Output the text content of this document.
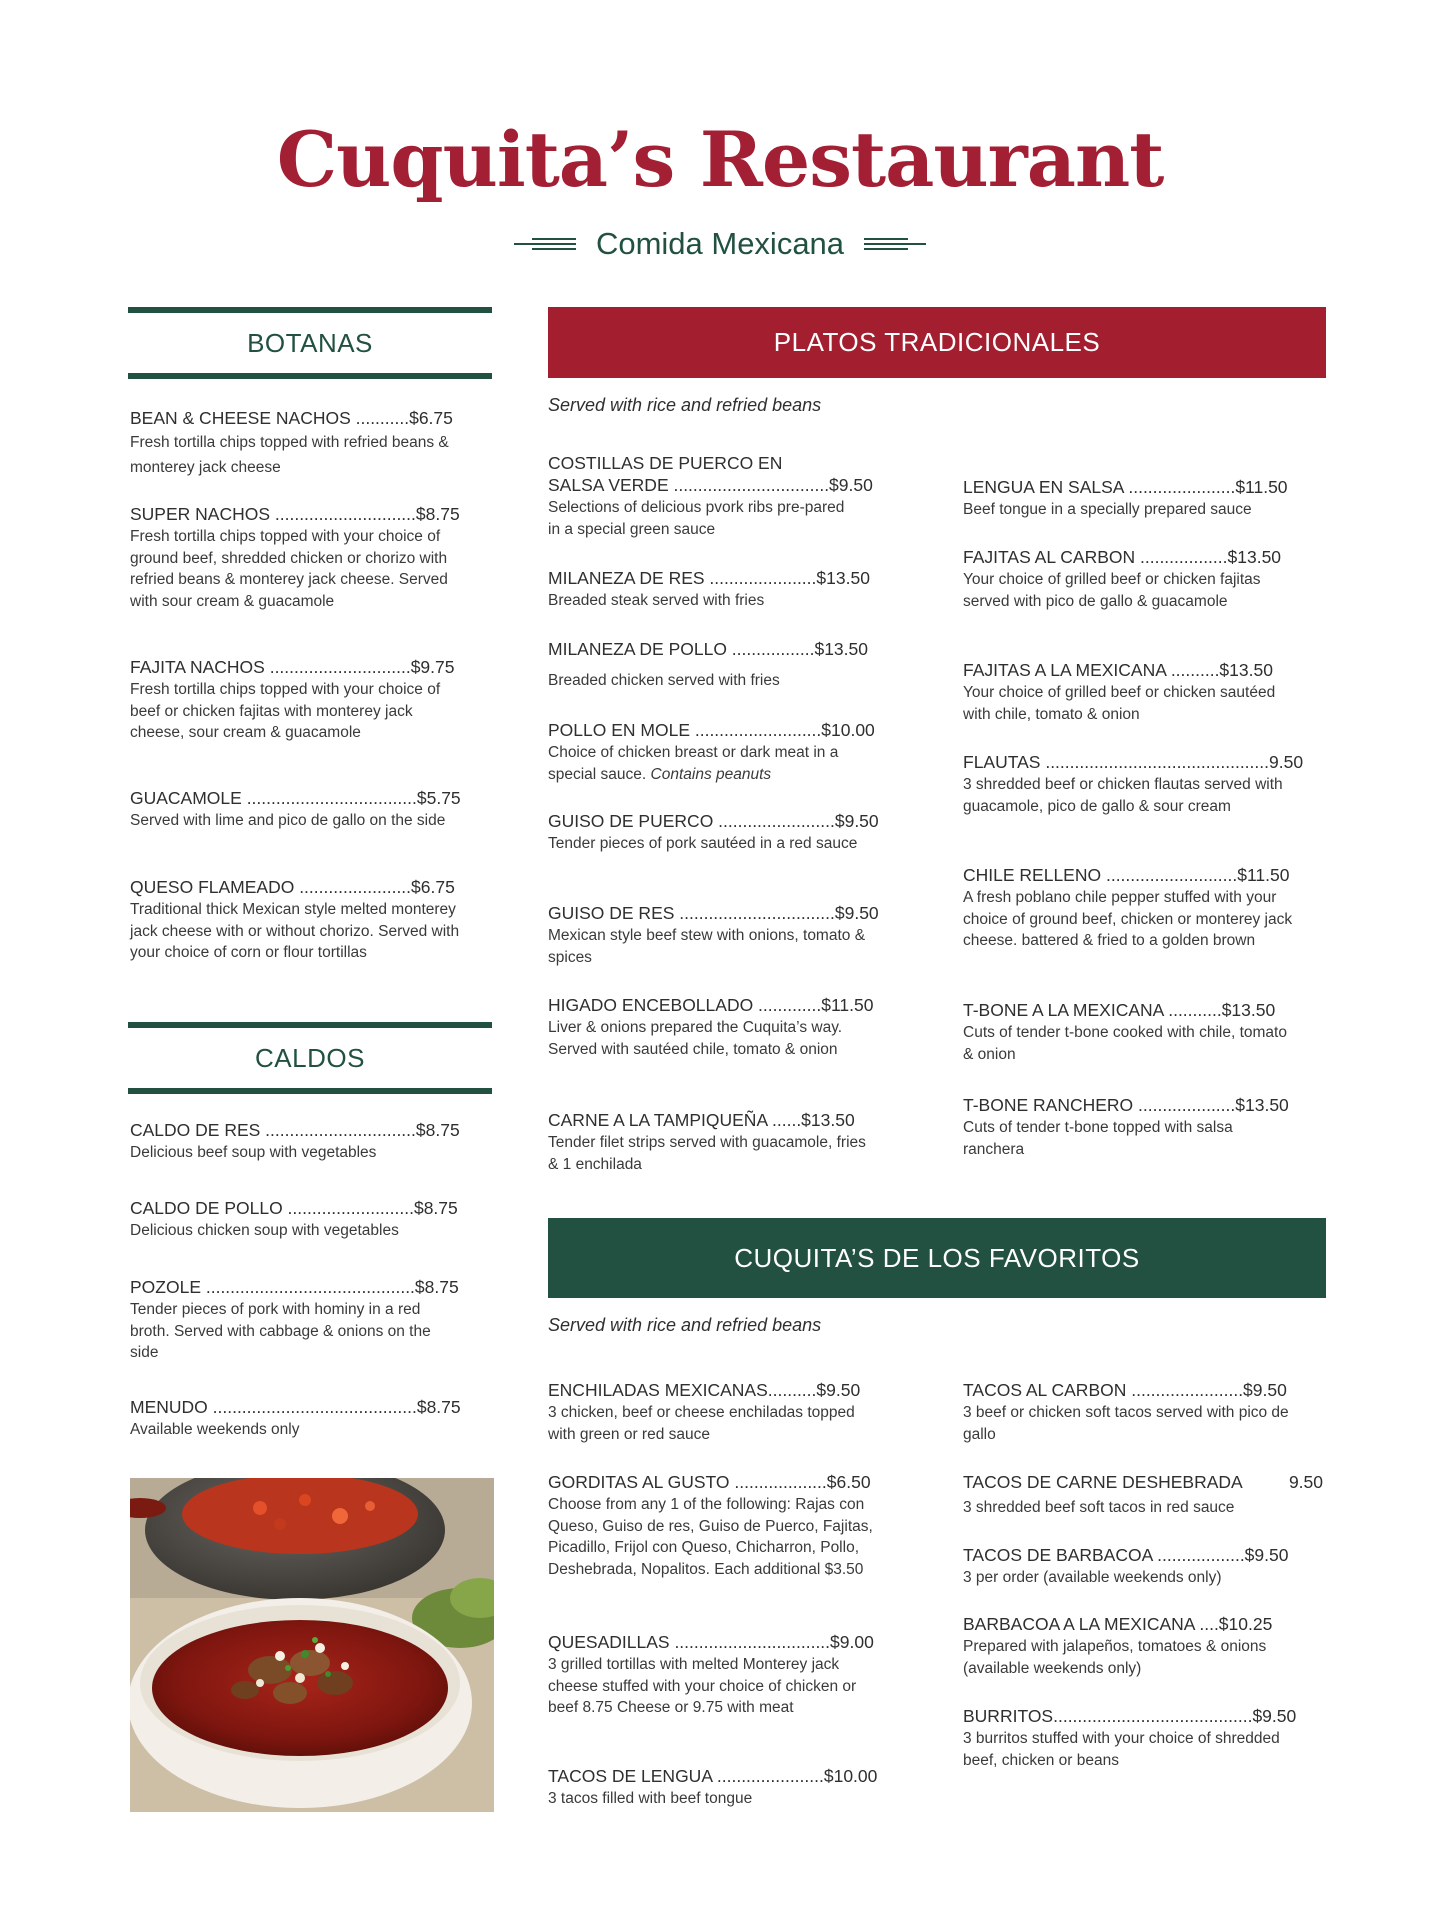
Cuquita’s Restaurant
Comida Mexicana
BOTANAS
BEAN & CHEESE NACHOS ...........$6.75
Fresh tortilla chips topped with refried beans & monterey jack cheese
SUPER NACHOS .............................$8.75
Fresh tortilla chips topped with your choice of ground beef, shredded chicken or chorizo with refried beans & monterey jack cheese. Served with sour cream & guacamole
FAJITA NACHOS .............................$9.75
Fresh tortilla chips topped with your choice of beef or chicken fajitas with monterey jack cheese, sour cream & guacamole
GUACAMOLE ...................................$5.75
Served with lime and pico de gallo on the side
QUESO FLAMEADO .......................$6.75
Traditional thick Mexican style melted monterey jack cheese with or without chorizo. Served with your choice of corn or flour tortillas
CALDOS
CALDO DE RES ...............................$8.75
Delicious beef soup with vegetables
CALDO DE POLLO ..........................$8.75
Delicious chicken soup with vegetables
POZOLE ...........................................$8.75
Tender pieces of pork with hominy in a red broth. Served with cabbage & onions on the side
MENUDO ..........................................$8.75
Available weekends only
PLATOS TRADICIONALES
Served with rice and refried beans
COSTILLAS DE PUERCO EN
SALSA VERDE ................................$9.50
Selections of delicious pvork ribs pre-pared in a special green sauce
MILANEZA DE RES ......................$13.50
Breaded steak served with fries
MILANEZA DE POLLO .................$13.50
Breaded chicken served with fries
POLLO EN MOLE ..........................$10.00
Choice of chicken breast or dark meat in a special sauce. Contains peanuts
GUISO DE PUERCO ........................$9.50
Tender pieces of pork sautéed in a red sauce
GUISO DE RES ................................$9.50
Mexican style beef stew with onions, tomato & spices
HIGADO ENCEBOLLADO .............$11.50
Liver & onions prepared the Cuquita’s way. Served with sautéed chile, tomato & onion
CARNE A LA TAMPIQUEÑA ......$13.50
Tender filet strips served with guacamole, fries & 1 enchilada
LENGUA EN SALSA ......................$11.50
Beef tongue in a specially prepared sauce
FAJITAS AL CARBON ..................$13.50
Your choice of grilled beef or chicken fajitas served with pico de gallo & guacamole
FAJITAS A LA MEXICANA ..........$13.50
Your choice of grilled beef or chicken sautéed with chile, tomato & onion
FLAUTAS ..............................................9.50
3 shredded beef or chicken flautas served with guacamole, pico de gallo & sour cream
CHILE RELLENO ...........................$11.50
A fresh poblano chile pepper stuffed with your choice of ground beef, chicken or monterey jack cheese. battered & fried to a golden brown
T-BONE A LA MEXICANA ...........$13.50
Cuts of tender t-bone cooked with chile, tomato & onion
T-BONE RANCHERO ....................$13.50
Cuts of tender t-bone topped with salsa ranchera
CUQUITA’S DE LOS FAVORITOS
Served with rice and refried beans
ENCHILADAS MEXICANAS..........$9.50
3 chicken, beef or cheese enchiladas topped with green or red sauce
GORDITAS AL GUSTO ...................$6.50
Choose from any 1 of the following: Rajas con Queso, Guiso de res, Guiso de Puerco, Fajitas, Picadillo, Frijol con Queso, Chicharron, Pollo, Deshebrada, Nopalitos. Each additional $3.50
QUESADILLAS ................................$9.00
3 grilled tortillas with melted Monterey jack cheese stuffed with your choice of chicken or beef 8.75 Cheese or 9.75 with meat
TACOS DE LENGUA ......................$10.00
3 tacos filled with beef tongue
TACOS AL CARBON .......................$9.50
3 beef or chicken soft tacos served with pico de gallo
TACOS DE CARNE DESHEBRADA	9.50
3 shredded beef soft tacos in red sauce
TACOS DE BARBACOA ..................$9.50
3 per order (available weekends only)
BARBACOA A LA MEXICANA ....$10.25
Prepared with jalapeños, tomatoes & onions (available weekends only)
BURRITOS.........................................$9.50
3 burritos stuffed with your choice of shredded beef, chicken or beans
